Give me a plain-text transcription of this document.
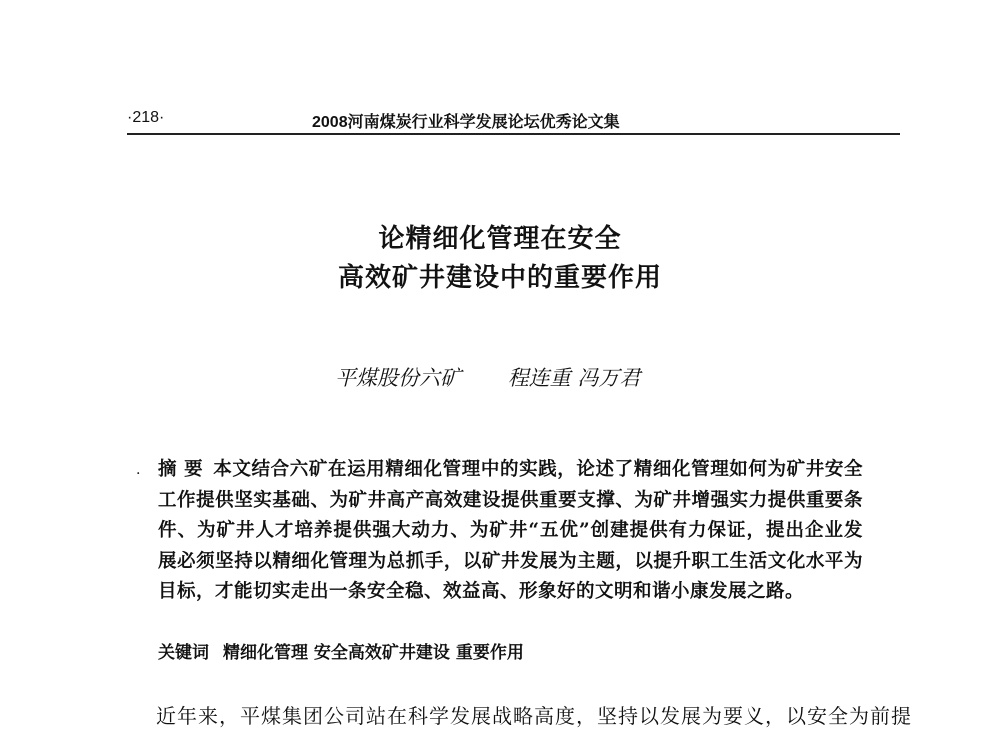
·218·	2008河南煤炭行业科学发展论坛优秀论文集
论精细化管理在安全
高效矿井建设中的重要作用
平煤股份六矿 程连重 冯万君
. 摘 要 本文结合六矿在运用精细化管理中的实践，论述了精细化管理如何为矿井安全工作提供坚实基础、为矿井高产高效建设提供重要支撑、为矿井增强实力提供重要条件、为矿井人才培养提供强大动力、为矿井“五优”创建提供有力保证，提出企业发展必须坚持以精细化管理为总抓手，以矿井发展为主题，以提升职工生活文化水平为目标，才能切实走出一条安全稳、效益高、形象好的文明和谐小康发展之路。
关键词 精细化管理 安全高效矿井建设 重要作用
近年来，平煤集团公司站在科学发展战略高度，坚持以发展为要义，以安全为前提
